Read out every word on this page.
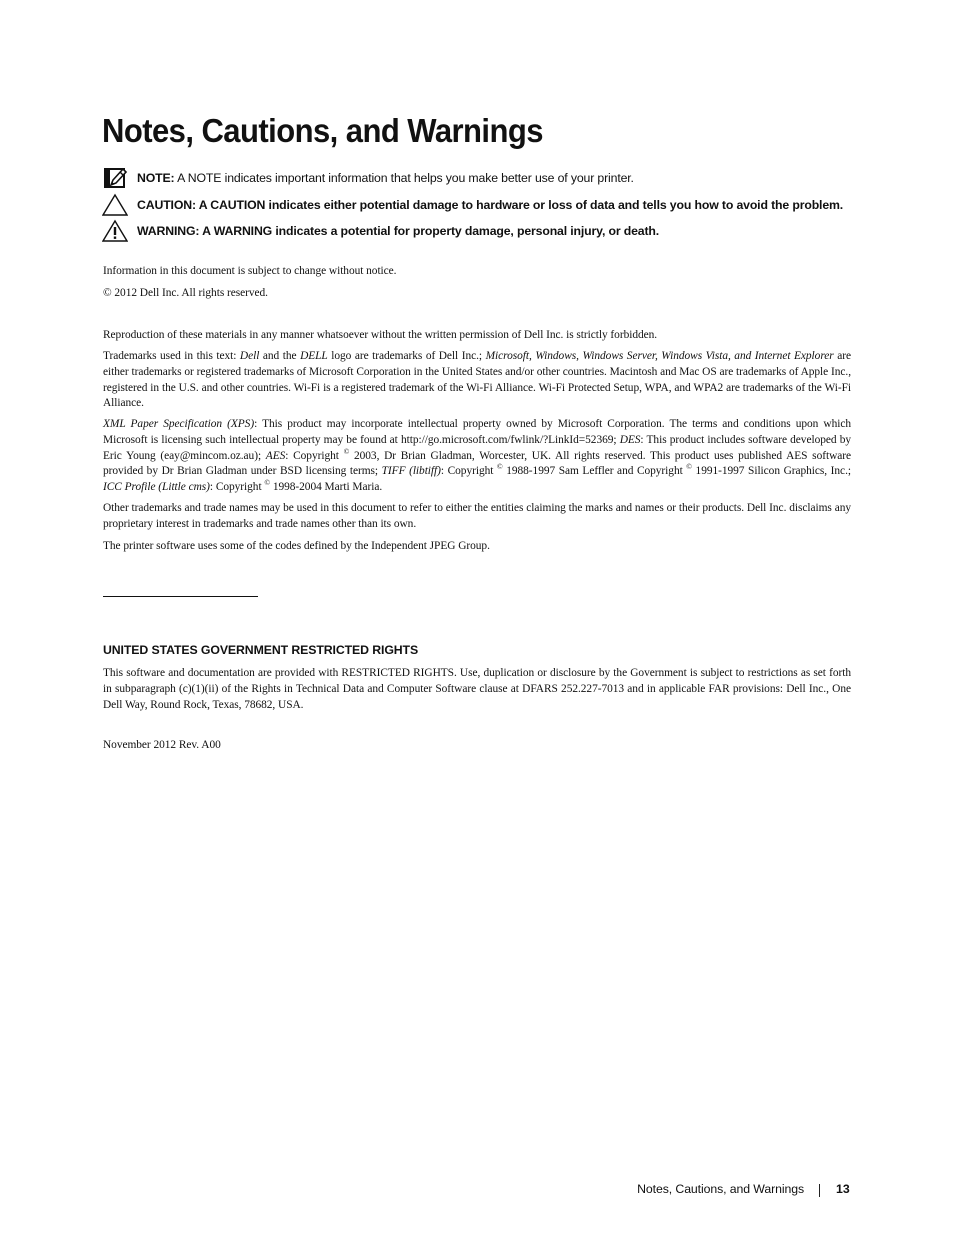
Notes, Cautions, and Warnings
NOTE: A NOTE indicates important information that helps you make better use of your printer.
CAUTION: A CAUTION indicates either potential damage to hardware or loss of data and tells you how to avoid the problem.
WARNING: A WARNING indicates a potential for property damage, personal injury, or death.

Information in this document is subject to change without notice.

© 2012 Dell Inc. All rights reserved.

Reproduction of these materials in any manner whatsoever without the written permission of Dell Inc. is strictly forbidden.

Trademarks used in this text: Dell and the DELL logo are trademarks of Dell Inc.; Microsoft, Windows, Windows Server, Windows Vista, and Internet Explorer are either trademarks or registered trademarks of Microsoft Corporation in the United States and/or other countries. Macintosh and Mac OS are trademarks of Apple Inc., registered in the U.S. and other countries. Wi-Fi is a registered trademark of the Wi-Fi Alliance. Wi-Fi Protected Setup, WPA, and WPA2 are trademarks of the Wi-Fi Alliance.

XML Paper Specification (XPS): This product may incorporate intellectual property owned by Microsoft Corporation. The terms and conditions upon which Microsoft is licensing such intellectual property may be found at http://go.microsoft.com/fwlink/?LinkId=52369; DES: This product includes software developed by Eric Young (eay@mincom.oz.au); AES: Copyright © 2003, Dr Brian Gladman, Worcester, UK. All rights reserved. This product uses published AES software provided by Dr Brian Gladman under BSD licensing terms; TIFF (libtiff): Copyright © 1988-1997 Sam Leffler and Copyright © 1991-1997 Silicon Graphics, Inc.; ICC Profile (Little cms): Copyright © 1998-2004 Marti Maria.

Other trademarks and trade names may be used in this document to refer to either the entities claiming the marks and names or their products. Dell Inc. disclaims any proprietary interest in trademarks and trade names other than its own.

The printer software uses some of the codes defined by the Independent JPEG Group.

UNITED STATES GOVERNMENT RESTRICTED RIGHTS

This software and documentation are provided with RESTRICTED RIGHTS. Use, duplication or disclosure by the Government is subject to restrictions as set forth in subparagraph (c)(1)(ii) of the Rights in Technical Data and Computer Software clause at DFARS 252.227-7013 and in applicable FAR provisions: Dell Inc., One Dell Way, Round Rock, Texas, 78682, USA.

November 2012 Rev. A00

Notes, Cautions, and Warnings	13
